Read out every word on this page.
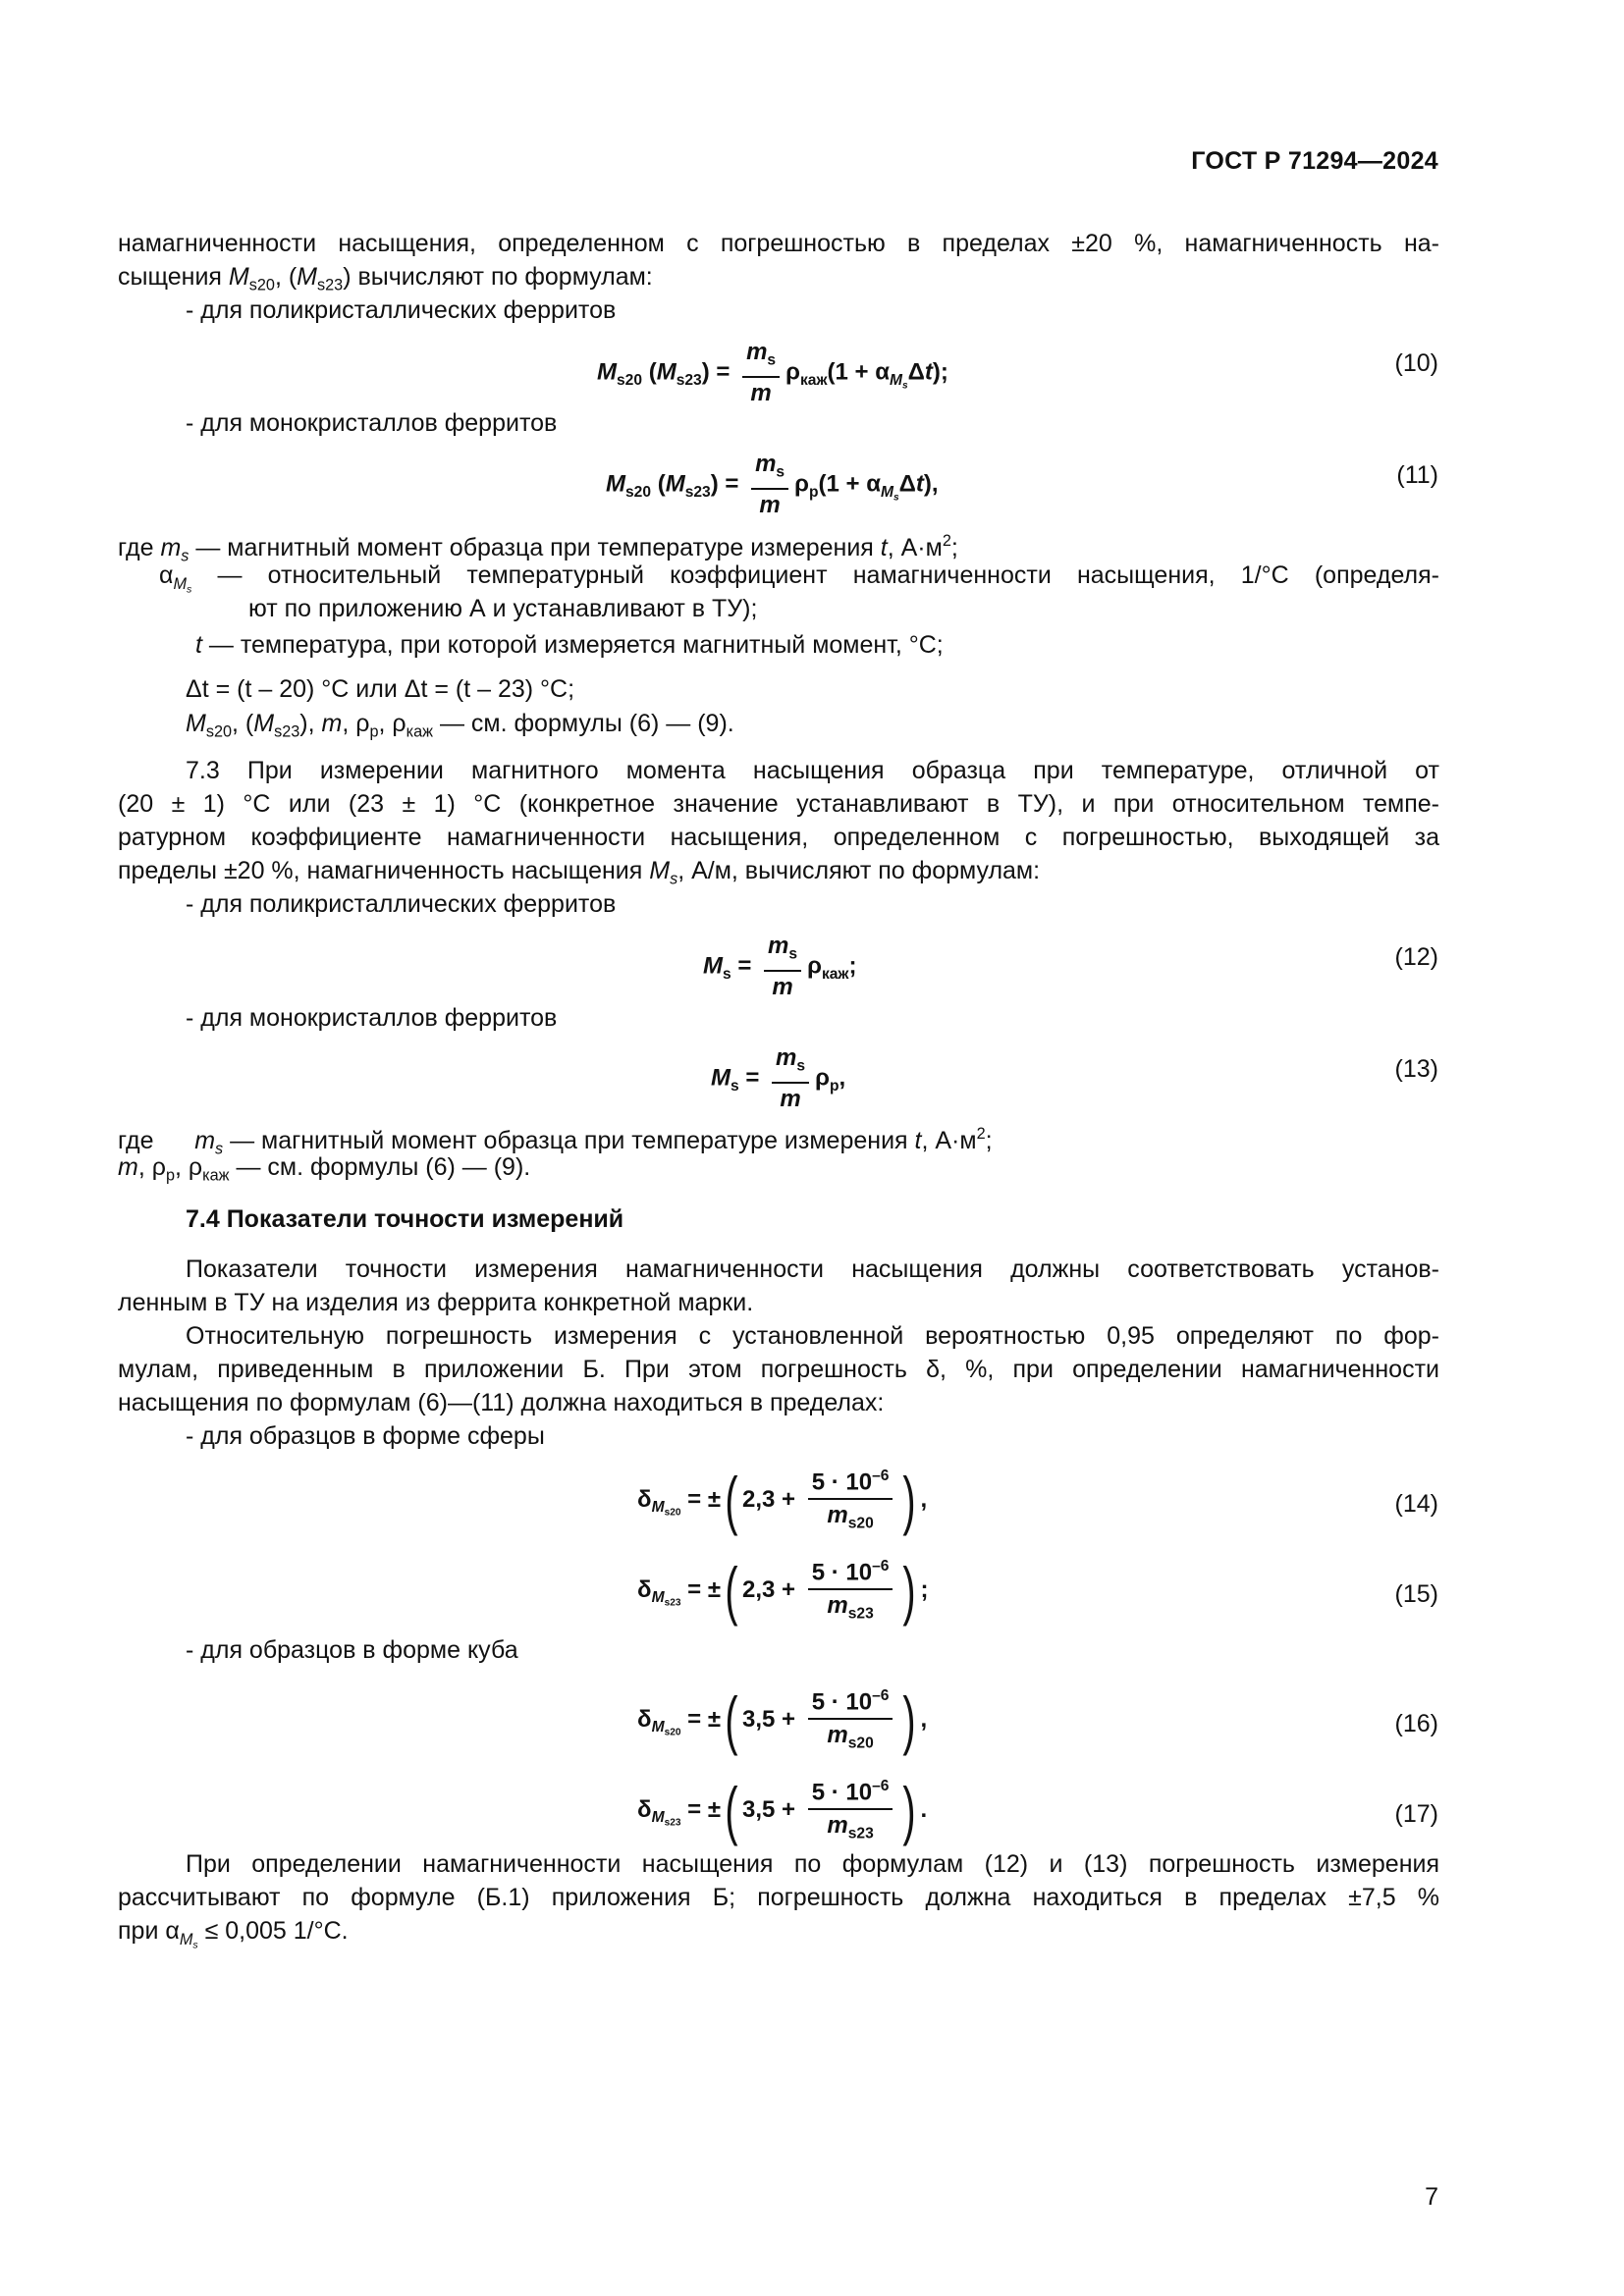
ГОСТ Р 71294—2024
намагниченности насыщения, определенном с погрешностью в пределах ±20 %, намагниченность на-
сыщения $M_{s20}$, $(M_{s23})$ вычисляют по формулам:
- для поликристаллических ферритов
$M_{s20}$ $(M_{s23}) = \frac{m_s}{m} \rho_{каж}(1 + \alpha_{M_s}\Delta t)$;	(10)
- для монокристаллов ферритов
$M_{s20}$ $(M_{s23}) = \frac{m_s}{m} \rho_р(1 + \alpha_{M_s}\Delta t)$,	(11)
где $m_s$ — магнитный момент образца при температуре измерения t, $А\cdot м^2$;
$\alpha_{M_s}$ — относительный температурный коэффициент намагниченности насыщения, 1/°С (определя-
ют по приложению А и устанавливают в ТУ);
t — температура, при которой измеряется магнитный момент, °С;
Δt = (t – 20) °С или Δt = (t – 23) °С;
$M_{s20}$, $(M_{s23})$, m, $\rho_р$, $\rho_{каж}$ — см. формулы (6) — (9).
7.3 При измерении магнитного момента насыщения образца при температуре, отличной от
(20 ± 1) °С или (23 ± 1) °С (конкретное значение устанавливают в ТУ), и при относительном темпе-
ратурном коэффициенте намагниченности насыщения, определенном с погрешностью, выходящей за
пределы ±20 %, намагниченность насыщения $M_s$, А/м, вычисляют по формулам:
- для поликристаллических ферритов
$M_s = \frac{m_s}{m} \rho_{каж}$;	(12)
- для монокристаллов ферритов
$M_s = \frac{m_s}{m} \rho_р$,	(13)
где $m_s$ — магнитный момент образца при температуре измерения t, $А\cdot м^2$;
m, $\rho_р$, $\rho_{каж}$ — см. формулы (6) — (9).
7.4 Показатели точности измерений
Показатели точности измерения намагниченности насыщения должны соответствовать установ-
ленным в ТУ на изделия из феррита конкретной марки.
Относительную погрешность измерения с установленной вероятностью 0,95 определяют по фор-
мулам, приведенным в приложении Б. При этом погрешность δ, %, при определении намагниченности
насыщения по формулам (6)—(11) должна находиться в пределах:
- для образцов в форме сферы
$\delta_{M_{s20}}$ = ±( $2,3 + \frac{5 \cdot 10^{-6}}{m_{s20}}$ ) ,	(14)
$\delta_{M_{s23}}$ = ±( $2,3 + \frac{5 \cdot 10^{-6}}{m_{s23}}$ ) ;	(15)
- для образцов в форме куба
$\delta_{M_{s20}}$ = ±( $3,5 + \frac{5 \cdot 10^{-6}}{m_{s20}}$ ) ,	(16)
$\delta_{M_{s23}}$ = ±( $3,5 + \frac{5 \cdot 10^{-6}}{m_{s23}}$ ) .	(17)
При определении намагниченности насыщения по формулам (12) и (13) погрешность измерения
рассчитывают по формуле (Б.1) приложения Б; погрешность должна находиться в пределах ±7,5 %
при $\alpha_{M_s} \le 0,005$ 1/°С.
7
